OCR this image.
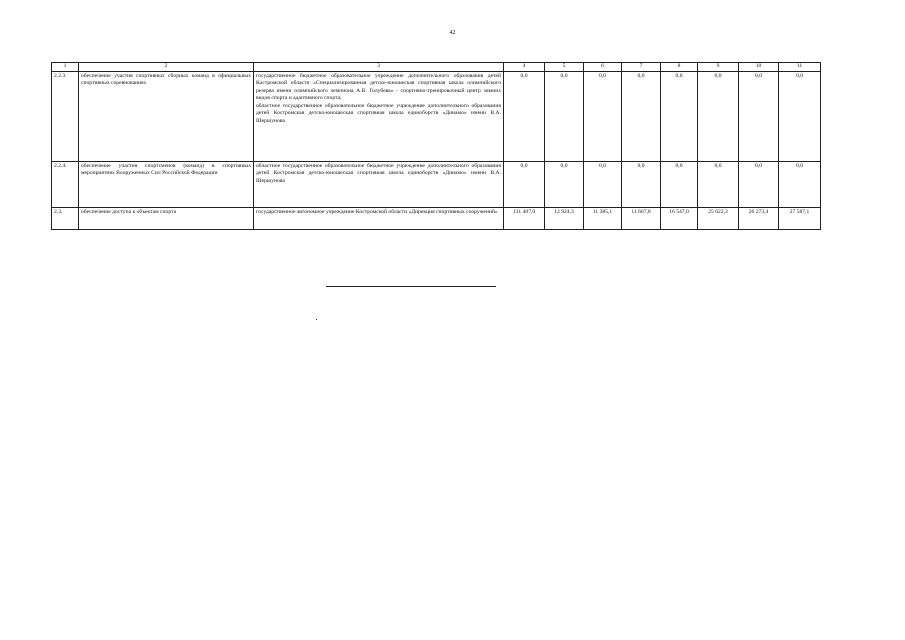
42
1	2	3	4	5	6	7	8	9	10	11
2.2.3.	обеспечение участия спортивных сборных команд в официальных спортивных соревнованиях	государственное бюджетное образовательное учреждение дополнительного образования детей Костромской области «Специализированная детско-юношеская спортивная школа олимпийского резерва имени олимпийского чемпиона А.В. Голубева» - спортивно-тренировочный центр зимних видов спорта и адаптивного спорта;
областное государственное образовательное бюджетное учреждение дополнительного образования детей Костромская детско-юношеская спортивная школа единоборств «Динамо» имени В.А. Шершунова	0,0	0,0	0,0	0,0	0,0	0,0	0,0	0,0
2.2.4.	обеспечение участия спортсменов (команд) в спортивных мероприятиях Вооруженных Сил Российской Федерации	областное государственное образовательное бюджетное учреждение дополнительного образования детей Костромская детско-юношеская спортивная школа единоборств «Динамо» имени В.А. Шершунова	0,0	0,0	0,0	0,0	0,0	0,0	0,0	0,0
2.3.	обеспечение доступа к объектам спорта	государственное автономное учреждение Костромской области «Дирекция спортивных сооружений»	131 407,0	12 924,3	11 385,1	11 667,8	16 547,0	25 022,3	26 273,4	27 587,1
